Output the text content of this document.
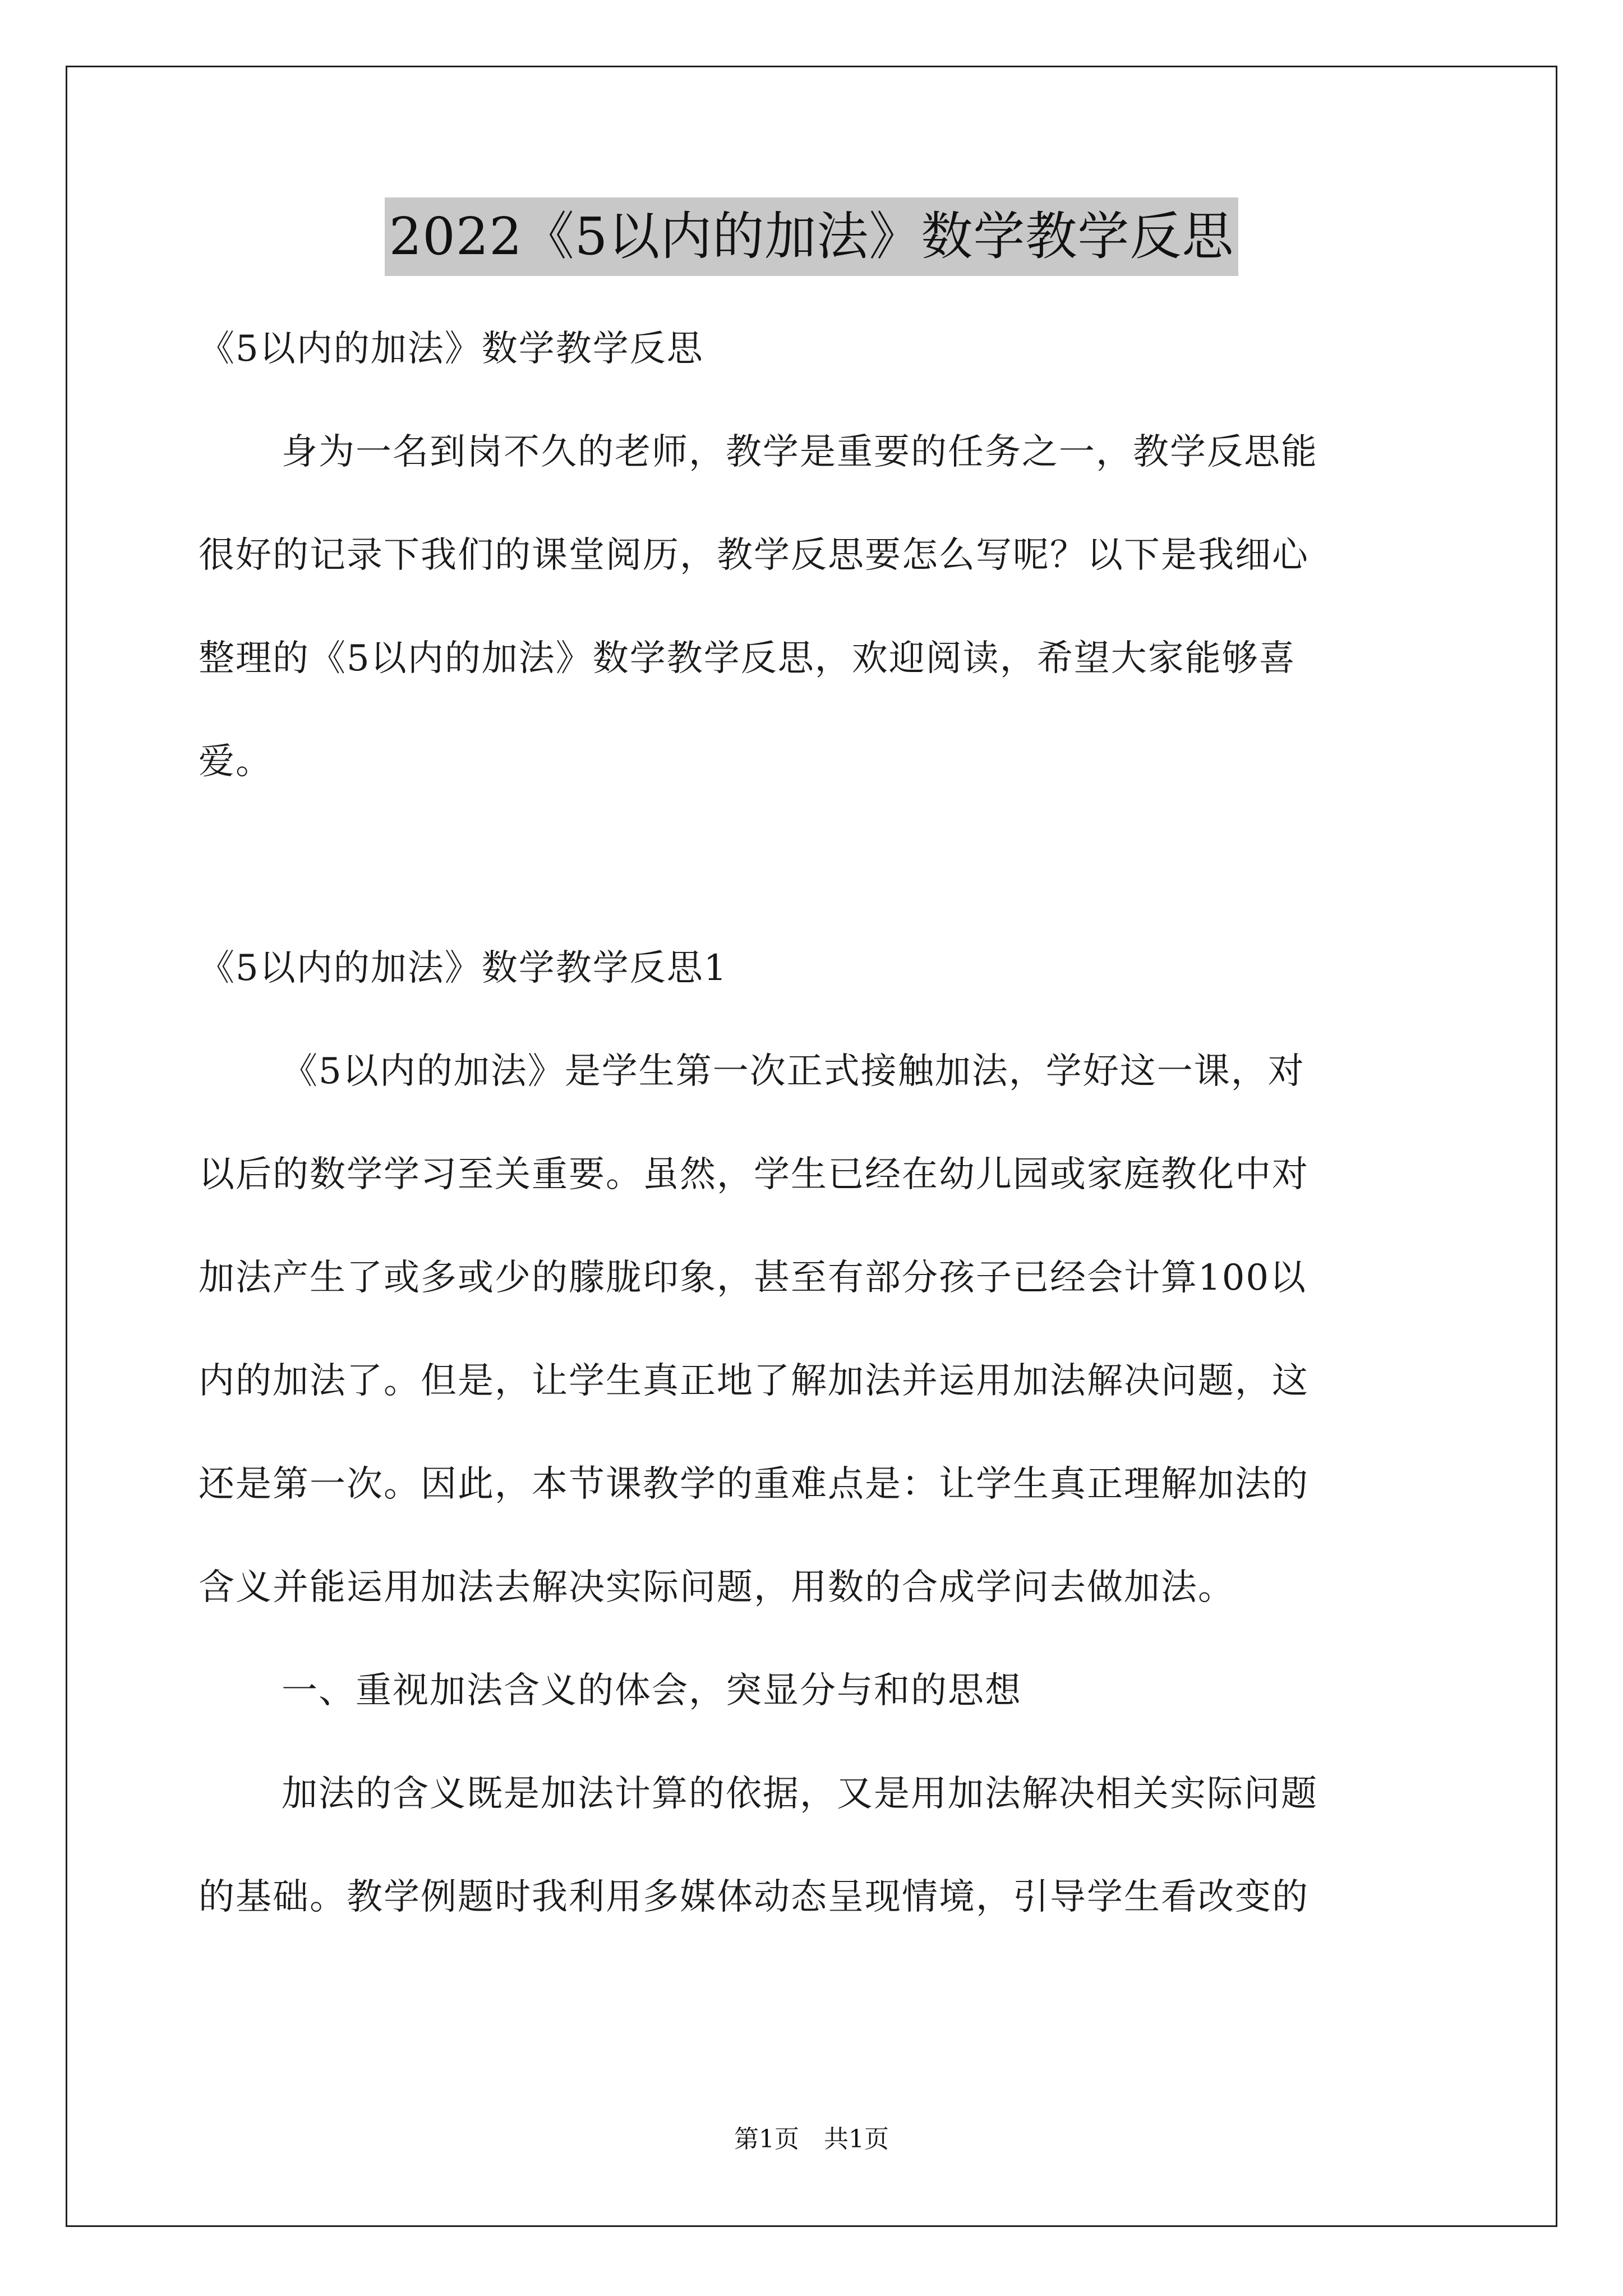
2022《5以内的加法》数学教学反思
《5以内的加法》数学教学反思
身为一名到岗不久的老师，教学是重要的任务之一，教学反思能
很好的记录下我们的课堂阅历，教学反思要怎么写呢？以下是我细心
整理的《5以内的加法》数学教学反思，欢迎阅读，希望大家能够喜
爱。
《5以内的加法》数学教学反思1
《5以内的加法》是学生第一次正式接触加法，学好这一课，对
以后的数学学习至关重要。虽然，学生已经在幼儿园或家庭教化中对
加法产生了或多或少的朦胧印象，甚至有部分孩子已经会计算100以
内的加法了。但是，让学生真正地了解加法并运用加法解决问题，这
还是第一次。因此，本节课教学的重难点是：让学生真正理解加法的
含义并能运用加法去解决实际问题，用数的合成学问去做加法。
一、重视加法含义的体会，突显分与和的思想
加法的含义既是加法计算的依据，又是用加法解决相关实际问题
的基础。教学例题时我利用多媒体动态呈现情境，引导学生看改变的
第1页　共1页
